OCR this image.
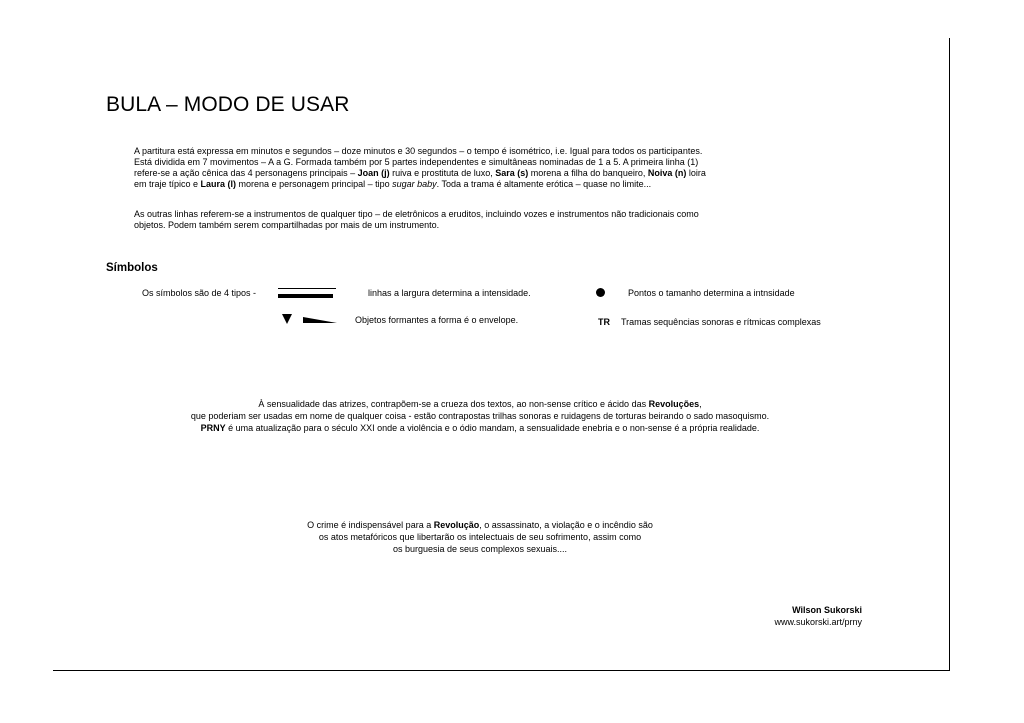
BULA – MODO DE USAR
A partitura está expressa em minutos e segundos – doze minutos e 30 segundos – o tempo é isométrico, i.e. Igual para todos os participantes.
Está dividida em 7 movimentos – A a G. Formada também por 5 partes independentes e simultâneas nominadas de 1 a 5. A primeira linha (1)
refere-se a ação cênica das 4 personagens principais – Joan (j) ruiva e prostituta de luxo, Sara (s) morena a filha do banqueiro, Noiva (n) loira
em traje típico e Laura (l) morena e personagem principal – tipo sugar baby. Toda a trama é altamente erótica – quase no limite...
As outras linhas referem-se a instrumentos de qualquer tipo – de eletrônicos a eruditos, incluindo vozes e instrumentos não tradicionais como
objetos. Podem também serem compartilhadas por mais de um instrumento.
Símbolos
Os símbolos são de 4 tipos -	linhas a largura determina a intensidade.	Pontos o tamanho determina a intnsidade
Objetos formantes a forma é o envelope.	TR Tramas sequências sonoras e rítmicas complexas
À sensualidade das atrizes, contrapõem-se a crueza dos textos, ao non-sense crítico e ácido das Revoluções,
que poderiam ser usadas em nome de qualquer coisa - estão contrapostas trilhas sonoras e ruidagens de torturas beirando o sado masoquismo.
PRNY é uma atualização para o século XXI onde a violência e o ódio mandam, a sensualidade enebria e o non-sense é a própria realidade.
O crime é indispensável para a Revolução, o assassinato, a violação e o incêndio são
os atos metafóricos que libertarão os intelectuais de seu sofrimento, assim como
os burguesia de seus complexos sexuais....
Wilson Sukorski
www.sukorski.art/prny
